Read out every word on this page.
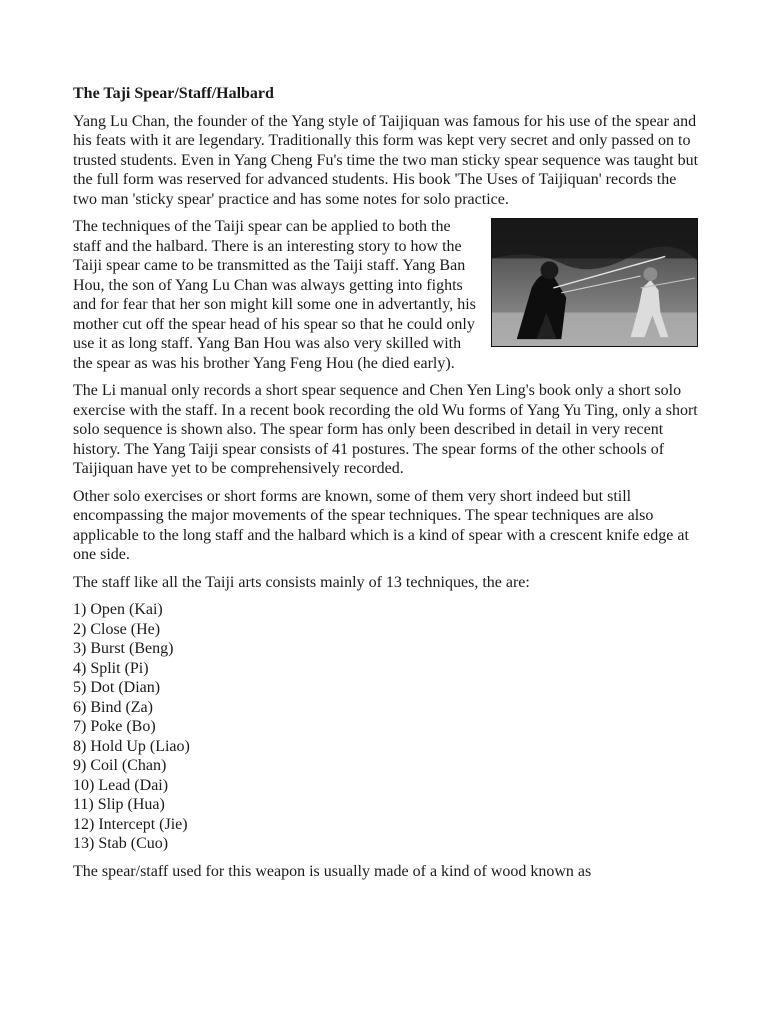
The Taji Spear/Staff/Halbard

Yang Lu Chan, the founder of the Yang style of Taijiquan was famous for his use of the spear and his feats with it are legendary. Traditionally this form was kept very secret and only passed on to trusted students. Even in Yang Cheng Fu's time the two man sticky spear sequence was taught but the full form was reserved for advanced students. His book 'The Uses of Taijiquan' records the two man 'sticky spear' practice and has some notes for solo practice.

The techniques of the Taiji spear can be applied to both the staff and the halbard. There is an interesting story to how the Taiji spear came to be transmitted as the Taiji staff. Yang Ban Hou, the son of Yang Lu Chan was always getting into fights and for fear that her son might kill some one in advertantly, his mother cut off the spear head of his spear so that he could only use it as long staff. Yang Ban Hou was also very skilled with the spear as was his brother Yang Feng Hou (he died early).

The Li manual only records a short spear sequence and Chen Yen Ling's book only a short solo exercise with the staff. In a recent book recording the old Wu forms of Yang Yu Ting, only a short solo sequence is shown also. The spear form has only been described in detail in very recent history. The Yang Taiji spear consists of 41 postures. The spear forms of the other schools of Taijiquan have yet to be comprehensively recorded.

Other solo exercises or short forms are known, some of them very short indeed but still encompassing the major movements of the spear techniques. The spear techniques are also applicable to the long staff and the halbard which is a kind of spear with a crescent knife edge at one side.

The staff like all the Taiji arts consists mainly of 13 techniques, the are:

1) Open (Kai)
2) Close (He)
3) Burst (Beng)
4) Split (Pi)
5) Dot (Dian)
6) Bind (Za)
7) Poke (Bo)
8) Hold Up (Liao)
9) Coil (Chan)
10) Lead (Dai)
11) Slip (Hua)
12) Intercept (Jie)
13) Stab (Cuo)

The spear/staff used for this weapon is usually made of a kind of wood known as
